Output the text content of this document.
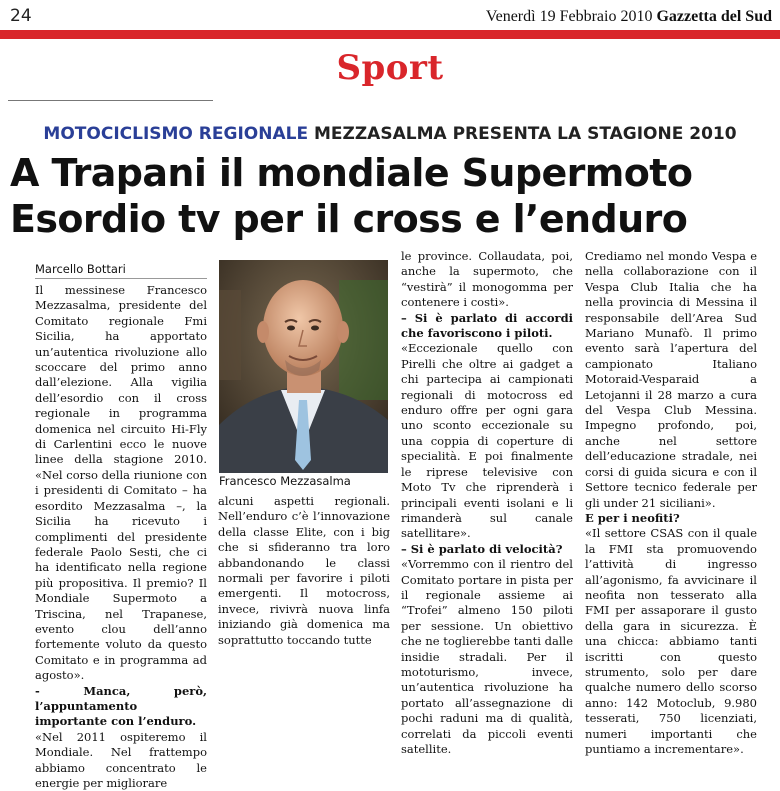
24	Venerdì 19 Febbraio 2010 Gazzetta del Sud
Sport
MOTOCICLISMO REGIONALE MEZZASALMA PRESENTA LA STAGIONE 2010
A Trapani il mondiale Supermoto
Esordio tv per il cross e l’enduro
Marcello Bottari

Il messinese Francesco Mezzasalma, presidente del Comitato regionale Fmi Sicilia, ha apportato un’autentica rivoluzione allo scoccare del primo anno dall’elezione. Alla vigilia dell’esordio con il cross regionale in programma domenica nel circuito Hi-Fly di Carlentini ecco le nuove linee della stagione 2010. «Nel corso della riunione con i presidenti di Comitato – ha esordito Mezzasalma –, la Sicilia ha ricevuto i complimenti del presidente federale Paolo Sesti, che ci ha identificato nella regione più propositiva. Il premio? Il Mondiale Supermoto a Triscina, nel Trapanese, evento clou dell’anno fortemente voluto da questo Comitato e in programma ad agosto».

- Manca, però, l’appuntamento importante con l’enduro.

«Nel 2011 ospiteremo il Mondiale. Nel frattempo abbiamo concentrato le energie per migliorare

Francesco Mezzasalma

alcuni aspetti regionali. Nell’enduro c’è l’innovazione della classe Elite, con i big che si sfideranno tra loro abbandonando le classi normali per favorire i piloti emergenti. Il motocross, invece, rivivrà nuova linfa iniziando già domenica ma soprattutto toccando tutte

le province. Collaudata, poi, anche la supermoto, che “vestirà” il monogomma per contenere i costi».

– Si è parlato di accordi che favoriscono i piloti.

«Eccezionale quello con Pirelli che oltre ai gadget a chi partecipa ai campionati regionali di motocross ed enduro offre per ogni gara uno sconto eccezionale su una coppia di coperture di specialità. E poi finalmente le riprese televisive con Moto Tv che riprenderà i principali eventi isolani e li rimanderà sul canale satellitare».

– Si è parlato di velocità?

«Vorremmo con il rientro del Comitato portare in pista per il regionale assieme ai “Trofei” almeno 150 piloti per sessione. Un obiettivo che ne toglierebbe tanti dalle insidie stradali. Per il mototurismo, invece, un’autentica rivoluzione ha portato all’assegnazione di pochi raduni ma di qualità, correlati da piccoli eventi satellite.

Crediamo nel mondo Vespa e nella collaborazione con il Vespa Club Italia che ha nella provincia di Messina il responsabile dell’Area Sud Mariano Munafò. Il primo evento sarà l’apertura del campionato Italiano Motoraid-Vesparaid a Letojanni il 28 marzo a cura del Vespa Club Messina. Impegno profondo, poi, anche nel settore dell’educazione stradale, nei corsi di guida sicura e con il Settore tecnico federale per gli under 21 siciliani».

E per i neofiti?

«Il settore CSAS con il quale la FMI sta promuovendo l’attività di ingresso all’agonismo, fa avvicinare il neofita non tesserato alla FMI per assaporare il gusto della gara in sicurezza. È una chicca: abbiamo tanti iscritti con questo strumento, solo per dare qualche numero dello scorso anno: 142 Motoclub, 9.980 tesserati, 750 licenziati, numeri importanti che puntiamo a incrementare».
